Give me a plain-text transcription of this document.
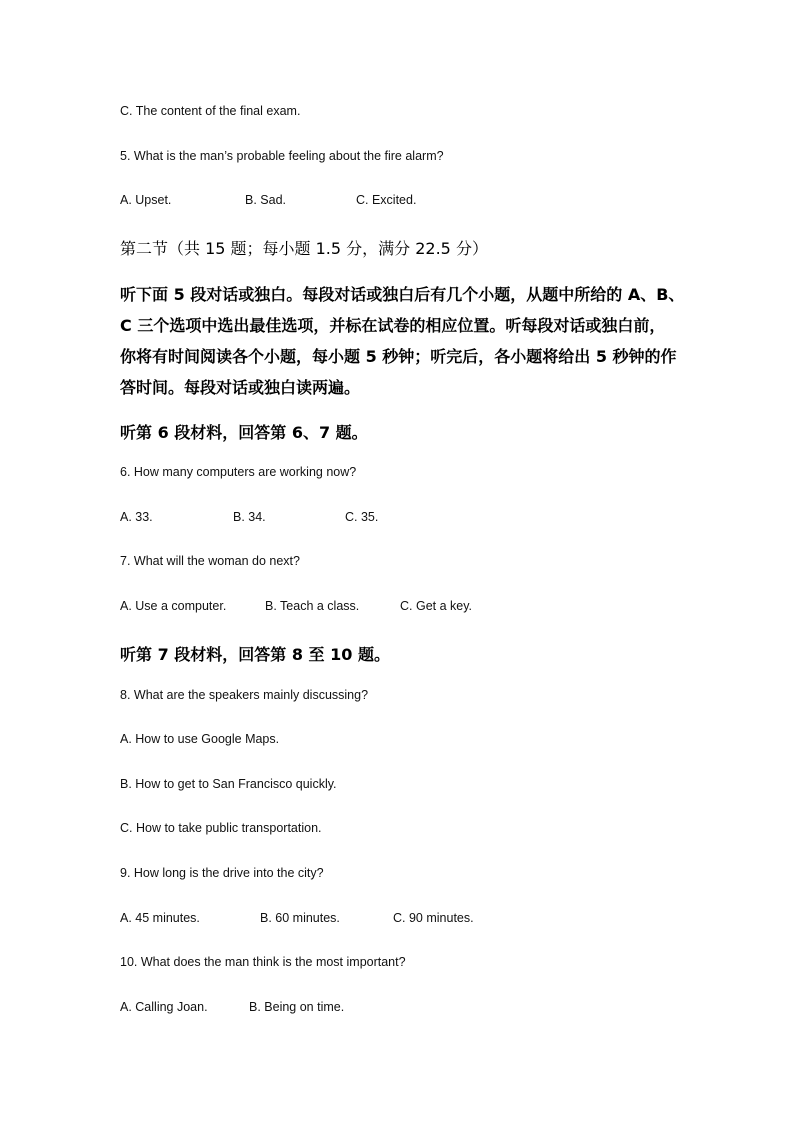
C. The content of the final exam.
5. What is the man’s probable feeling about the fire alarm?
A. Upset.	B. Sad.	C. Excited.
第二节（共 15 题；每小题 1.5 分，满分 22.5 分）
听下面 5 段对话或独白。每段对话或独白后有几个小题，从题中所给的 A、B、
C 三个选项中选出最佳选项，并标在试卷的相应位置。听每段对话或独白前，
你将有时间阅读各个小题，每小题 5 秒钟；听完后，各小题将给出 5 秒钟的作
答时间。每段对话或独白读两遍。
听第 6 段材料，回答第 6、7 题。
6. How many computers are working now?
A. 33.	B. 34.	C. 35.
7. What will the woman do next?
A. Use a computer.	B. Teach a class.	C. Get a key.
听第 7 段材料，回答第 8 至 10 题。
8. What are the speakers mainly discussing?
A. How to use Google Maps.
B. How to get to San Francisco quickly.
C. How to take public transportation.
9. How long is the drive into the city?
A. 45 minutes.	B. 60 minutes.	C. 90 minutes.
10. What does the man think is the most important?
A. Calling Joan.	B. Being on time.
